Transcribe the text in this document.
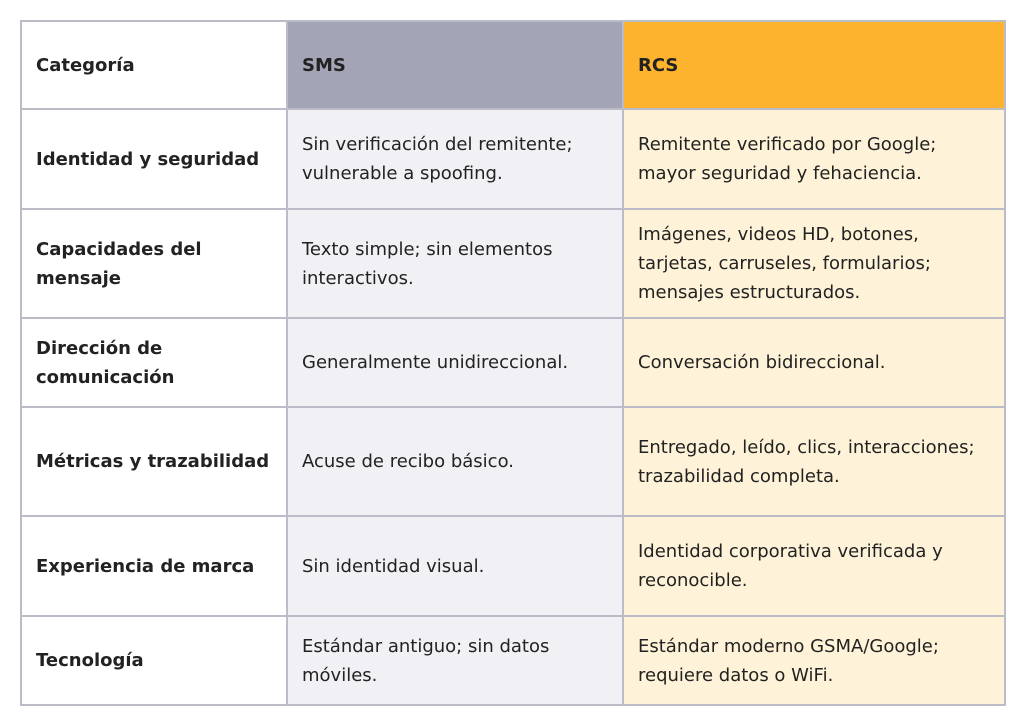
Categoría	SMS	RCS
Identidad y seguridad	Sin verificación del remitente; vulnerable a spoofing.	Remitente verificado por Google; mayor seguridad y fehaciencia.
Capacidades del mensaje	Texto simple; sin elementos interactivos.	Imágenes, videos HD, botones, tarjetas, carruseles, formularios; mensajes estructurados.
Dirección de comunicación	Generalmente unidireccional.	Conversación bidireccional.
Métricas y trazabilidad	Acuse de recibo básico.	Entregado, leído, clics, interacciones; trazabilidad completa.
Experiencia de marca	Sin identidad visual.	Identidad corporativa verificada y reconocible.
Tecnología	Estándar antiguo; sin datos móviles.	Estándar moderno GSMA/Google; requiere datos o WiFi.
